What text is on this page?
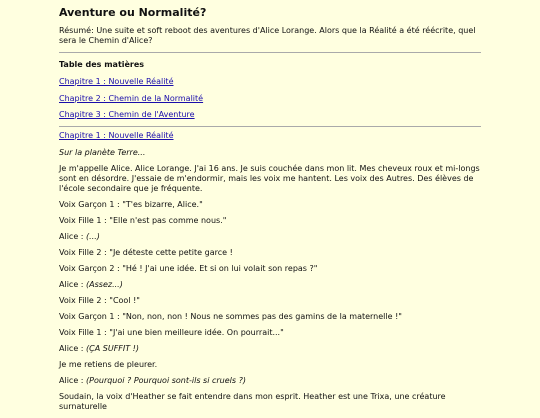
Aventure ou Normalité?

Résumé: Une suite et soft reboot des aventures d'Alice Lorange. Alors que la Réalité a été réécrite, quel sera le Chemin d'Alice?

Table des matières

Chapitre 1 : Nouvelle Réalité
Chapitre 2 : Chemin de la Normalité
Chapitre 3 : Chemin de l'Aventure

Chapitre 1 : Nouvelle Réalité

Sur la planète Terre...

Je m'appelle Alice. Alice Lorange. J'ai 16 ans. Je suis couchée dans mon lit. Mes cheveux roux et mi-longs sont en désordre. J'essaie de m'endormir, mais les voix me hantent. Les voix des Autres. Des élèves de l'école secondaire que je fréquente.

Voix Garçon 1 : "T'es bizarre, Alice."

Voix Fille 1 : "Elle n'est pas comme nous."

Alice : (...)

Voix Fille 2 : "Je déteste cette petite garce !

Voix Garçon 2 : "Hé ! J'ai une idée. Et si on lui volait son repas ?"

Alice : (Assez...)

Voix Fille 2 : "Cool !"

Voix Garçon 1 : "Non, non, non ! Nous ne sommes pas des gamins de la maternelle !"

Voix Fille 1 : "J'ai une bien meilleure idée. On pourrait..."

Alice : (ÇA SUFFIT !)

Je me retiens de pleurer.

Alice : (Pourquoi ? Pourquoi sont-ils si cruels ?)

Soudain, la voix d'Heather se fait entendre dans mon esprit. Heather est une Trixa, une créature surnaturelle
